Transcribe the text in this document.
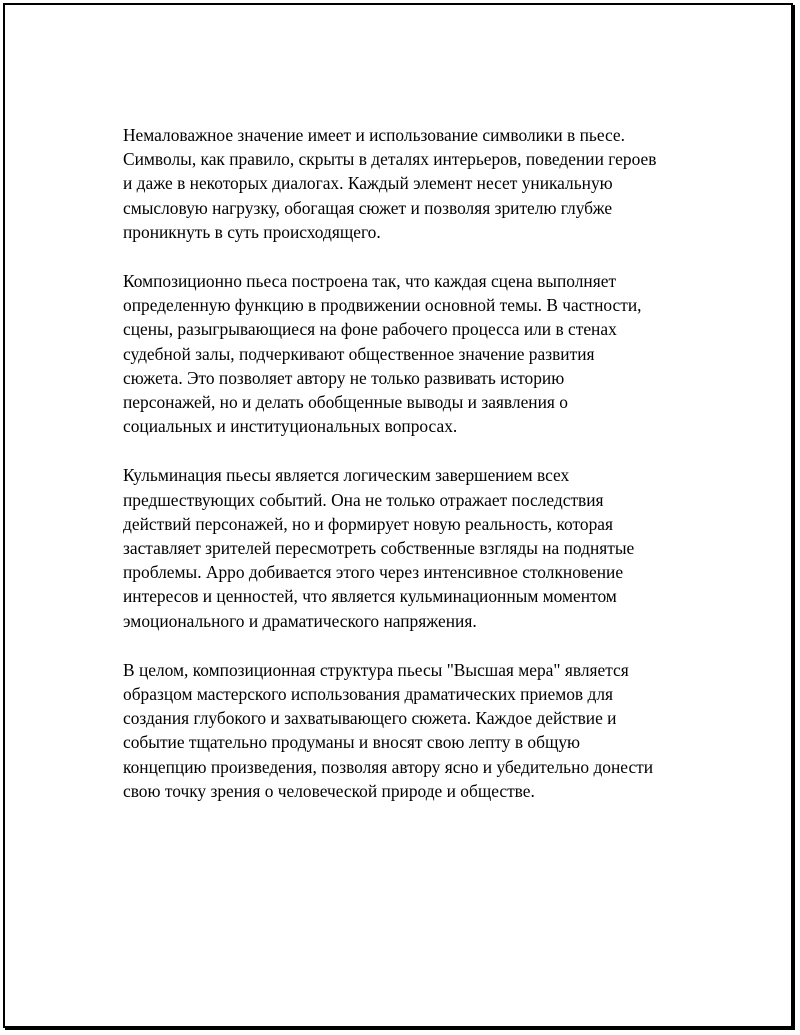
Немаловажное значение имеет и использование символики в пьесе.
Символы, как правило, скрыты в деталях интерьеров, поведении героев
и даже в некоторых диалогах. Каждый элемент несет уникальную
смысловую нагрузку, обогащая сюжет и позволяя зрителю глубже
проникнуть в суть происходящего.

Композиционно пьеса построена так, что каждая сцена выполняет
определенную функцию в продвижении основной темы. В частности,
сцены, разыгрывающиеся на фоне рабочего процесса или в стенах
судебной залы, подчеркивают общественное значение развития
сюжета. Это позволяет автору не только развивать историю
персонажей, но и делать обобщенные выводы и заявления о
социальных и институциональных вопросах.

Кульминация пьесы является логическим завершением всех
предшествующих событий. Она не только отражает последствия
действий персонажей, но и формирует новую реальность, которая
заставляет зрителей пересмотреть собственные взгляды на поднятые
проблемы. Арро добивается этого через интенсивное столкновение
интересов и ценностей, что является кульминационным моментом
эмоционального и драматического напряжения.

В целом, композиционная структура пьесы "Высшая мера" является
образцом мастерского использования драматических приемов для
создания глубокого и захватывающего сюжета. Каждое действие и
событие тщательно продуманы и вносят свою лепту в общую
концепцию произведения, позволяя автору ясно и убедительно донести
свою точку зрения о человеческой природе и обществе.
